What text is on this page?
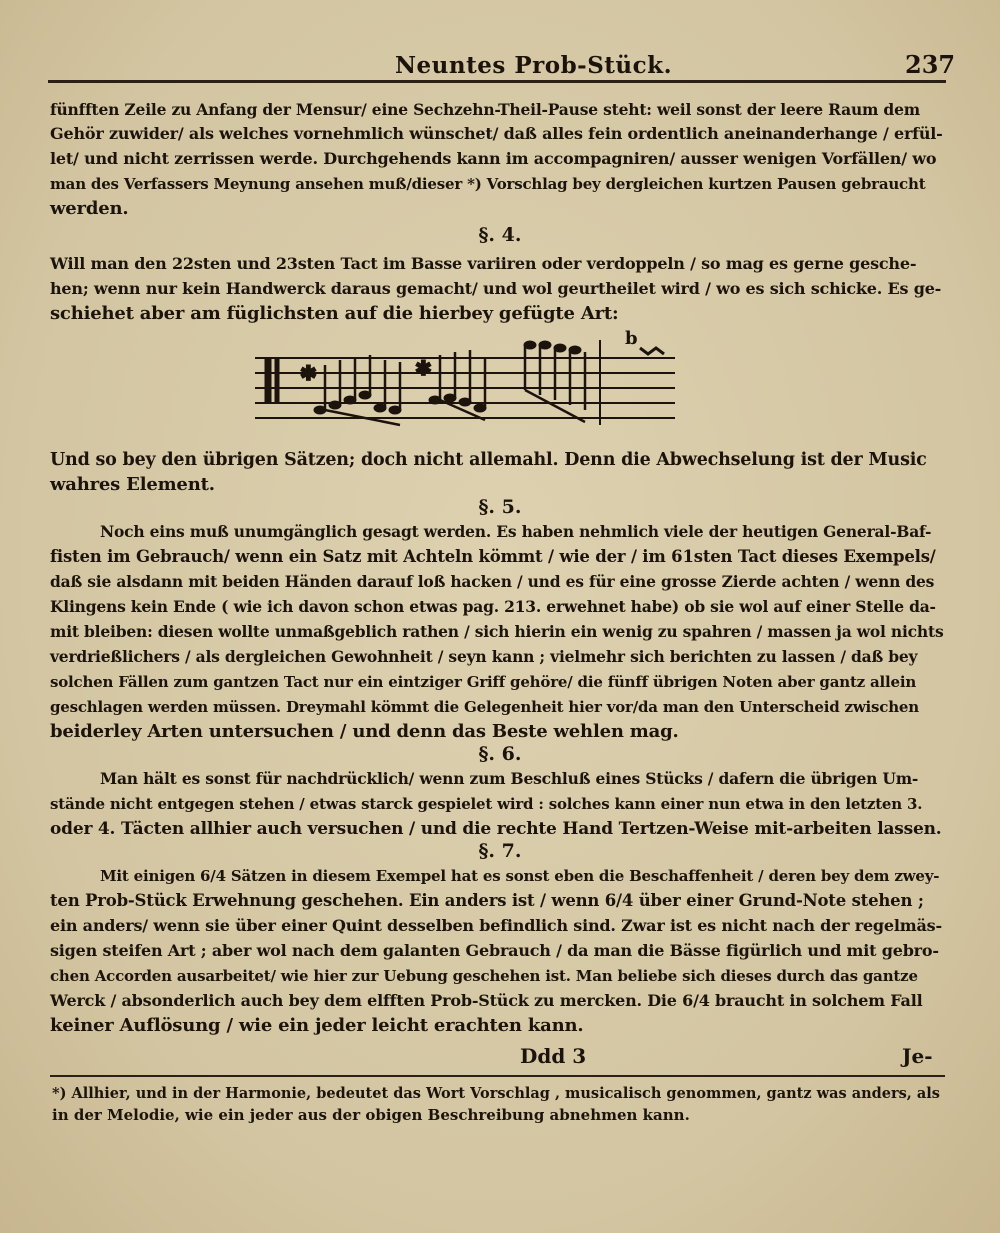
Neuntes Prob-Stück.	237
fünfften Zeile zu Anfang der Mensur/ eine Sechzehn-Theil-Pause steht: weil sonst der leere Raum dem
Gehör zuwider/ als welches vornehmlich wünschet/ daß alles fein ordentlich aneinanderhange / erfül-
let/ und nicht zerrissen werde. Durchgehends kann im accompagniren/ ausser wenigen Vorfällen/ wo
man des Verfassers Meynung ansehen muß/dieser *) Vorschlag bey dergleichen kurtzen Pausen gebraucht
werden.
§. 4.
Will man den 22sten und 23sten Tact im Basse variiren oder verdoppeln / so mag es gerne gesche-
hen; wenn nur kein Handwerck daraus gemacht/ und wol geurtheilet wird / wo es sich schicke. Es ge-
schiehet aber am füglichsten auf die hierbey gefügte Art:
✱	✱
b
Und so bey den übrigen Sätzen; doch nicht allemahl. Denn die Abwechselung ist der Music
wahres Element.
§. 5.
Noch eins muß unumgänglich gesagt werden. Es haben nehmlich viele der heutigen General-Baf-
fisten im Gebrauch/ wenn ein Satz mit Achteln kömmt / wie der / im 61sten Tact dieses Exempels/
daß sie alsdann mit beiden Händen darauf loß hacken / und es für eine grosse Zierde achten / wenn des
Klingens kein Ende ( wie ich davon schon etwas pag. 213. erwehnet habe) ob sie wol auf einer Stelle da-
mit bleiben: diesen wollte unmaßgeblich rathen / sich hierin ein wenig zu spahren / massen ja wol nichts
verdrießlichers / als dergleichen Gewohnheit / seyn kann ; vielmehr sich berichten zu lassen / daß bey
solchen Fällen zum gantzen Tact nur ein eintziger Griff gehöre/ die fünff übrigen Noten aber gantz allein
geschlagen werden müssen. Dreymahl kömmt die Gelegenheit hier vor/da man den Unterscheid zwischen
beiderley Arten untersuchen / und denn das Beste wehlen mag.
§. 6.
Man hält es sonst für nachdrücklich/ wenn zum Beschluß eines Stücks / dafern die übrigen Um-
stände nicht entgegen stehen / etwas starck gespielet wird : solches kann einer nun etwa in den letzten 3.
oder 4. Täcten allhier auch versuchen / und die rechte Hand Tertzen-Weise mit-arbeiten lassen.
§. 7.
Mit einigen 6/4 Sätzen in diesem Exempel hat es sonst eben die Beschaffenheit / deren bey dem zwey-
ten Prob-Stück Erwehnung geschehen. Ein anders ist / wenn 6/4 über einer Grund-Note stehen ;
ein anders/ wenn sie über einer Quint desselben befindlich sind. Zwar ist es nicht nach der regelmäs-
sigen steifen Art ; aber wol nach dem galanten Gebrauch / da man die Bässe figürlich und mit gebro-
chen Accorden ausarbeitet/ wie hier zur Uebung geschehen ist. Man beliebe sich dieses durch das gantze
Werck / absonderlich auch bey dem elfften Prob-Stück zu mercken. Die 6/4 braucht in solchem Fall
keiner Auflösung / wie ein jeder leicht erachten kann.
Ddd 3	Je-
*) Allhier, und in der Harmonie, bedeutet das Wort Vorschlag , musicalisch genommen, gantz was anders, als
in der Melodie, wie ein jeder aus der obigen Beschreibung abnehmen kann.
